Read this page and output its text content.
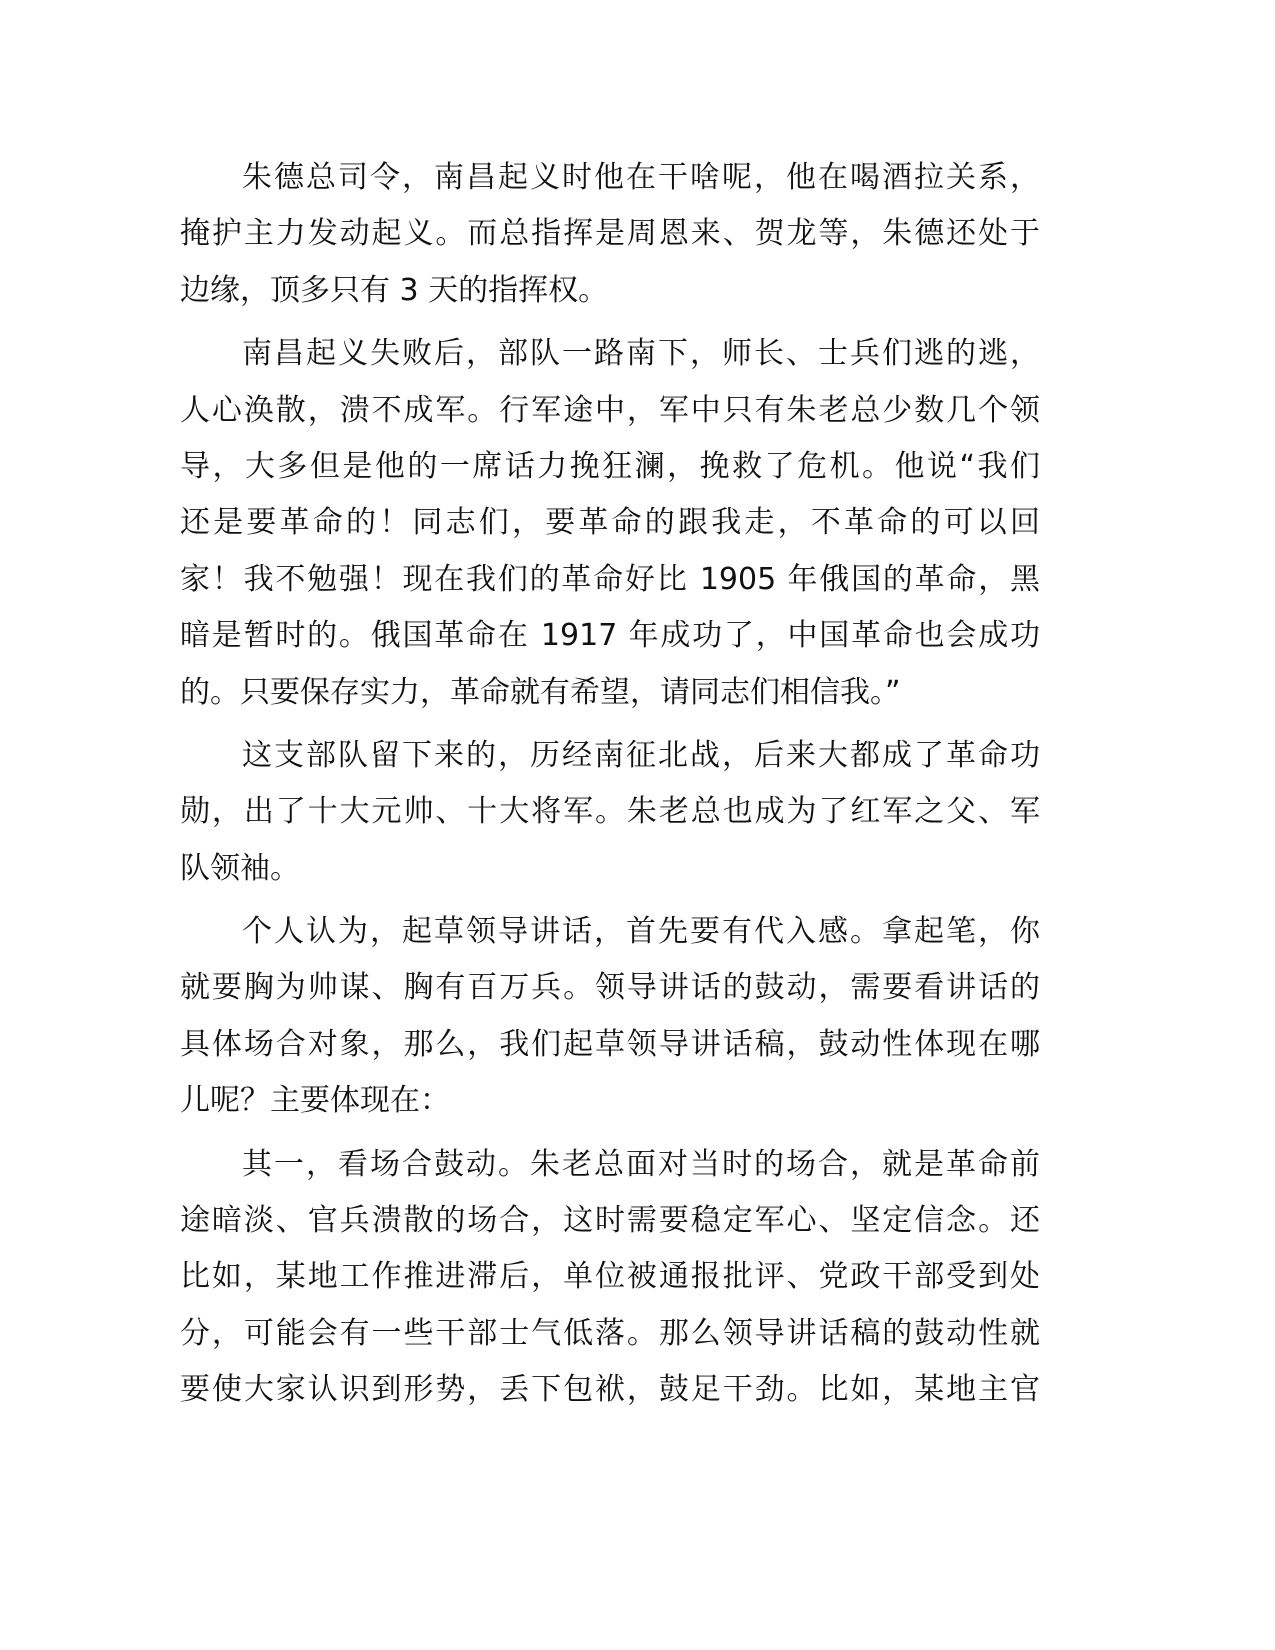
朱德总司令，南昌起义时他在干啥呢，他在喝酒拉关系，
掩护主力发动起义。而总指挥是周恩来、贺龙等，朱德还处于
边缘，顶多只有 3 天的指挥权。
南昌起义失败后，部队一路南下，师长、士兵们逃的逃，
人心涣散，溃不成军。行军途中，军中只有朱老总少数几个领
导，大多但是他的一席话力挽狂澜，挽救了危机。他说“我们
还是要革命的！同志们，要革命的跟我走，不革命的可以回
家！我不勉强！现在我们的革命好比 1905 年俄国的革命，黑
暗是暂时的。俄国革命在 1917 年成功了，中国革命也会成功
的。只要保存实力，革命就有希望，请同志们相信我。”
这支部队留下来的，历经南征北战，后来大都成了革命功
勋，出了十大元帅、十大将军。朱老总也成为了红军之父、军
队领袖。
个人认为，起草领导讲话，首先要有代入感。拿起笔，你
就要胸为帅谋、胸有百万兵。领导讲话的鼓动，需要看讲话的
具体场合对象，那么，我们起草领导讲话稿，鼓动性体现在哪
儿呢？主要体现在：
其一，看场合鼓动。朱老总面对当时的场合，就是革命前
途暗淡、官兵溃散的场合，这时需要稳定军心、坚定信念。还
比如，某地工作推进滞后，单位被通报批评、党政干部受到处
分，可能会有一些干部士气低落。那么领导讲话稿的鼓动性就
要使大家认识到形势，丢下包袱，鼓足干劲。比如，某地主官
